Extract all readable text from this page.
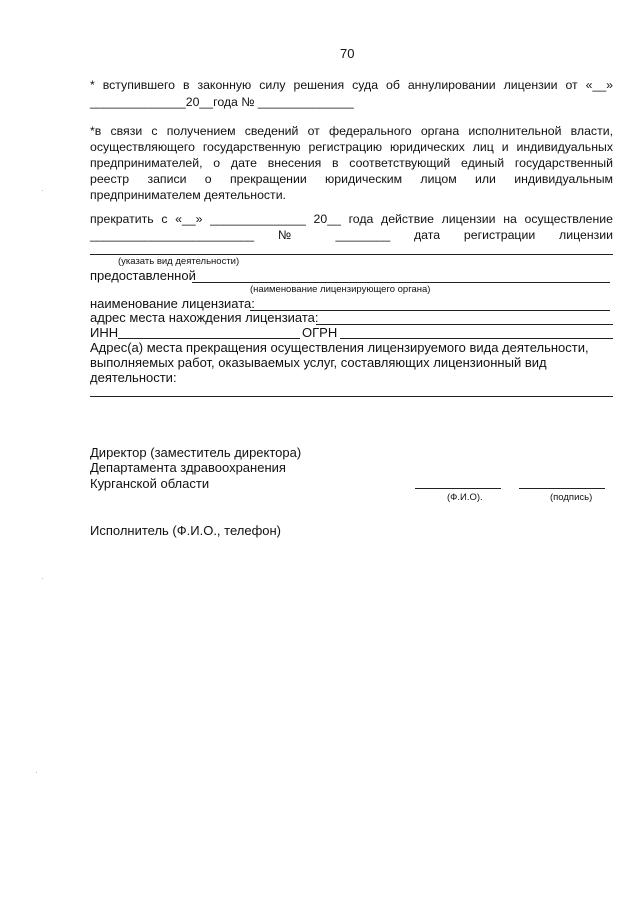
70
* вступившего в законную силу решения суда об аннулировании лицензии от «__»
______________20__года № ______________
*в связи с получением сведений от федерального органа исполнительной власти,
осуществляющего государственную регистрацию юридических лиц и индивидуальных
предпринимателей, о дате внесения в соответствующий единый государственный
реестр записи о прекращении юридическим лицом или индивидуальным
предпринимателем деятельности.
прекратить с «__» ______________ 20__ года действие лицензии на осуществление
________________________ № ________ дата регистрации лицензии
(указать вид деятельности)
предоставленной
(наименование лицензирующего органа)
наименование лицензиата:
адрес места нахождения лицензиата:
ИНН	ОГРН
Адрес(а) места прекращения осуществления лицензируемого вида деятельности,
выполняемых работ, оказываемых услуг, составляющих лицензионный вид
деятельности:
Директор (заместитель директора)
Департамента здравоохранения
Курганской области
(Ф.И.О).	(подпись)
Исполнитель (Ф.И.О., телефон)
